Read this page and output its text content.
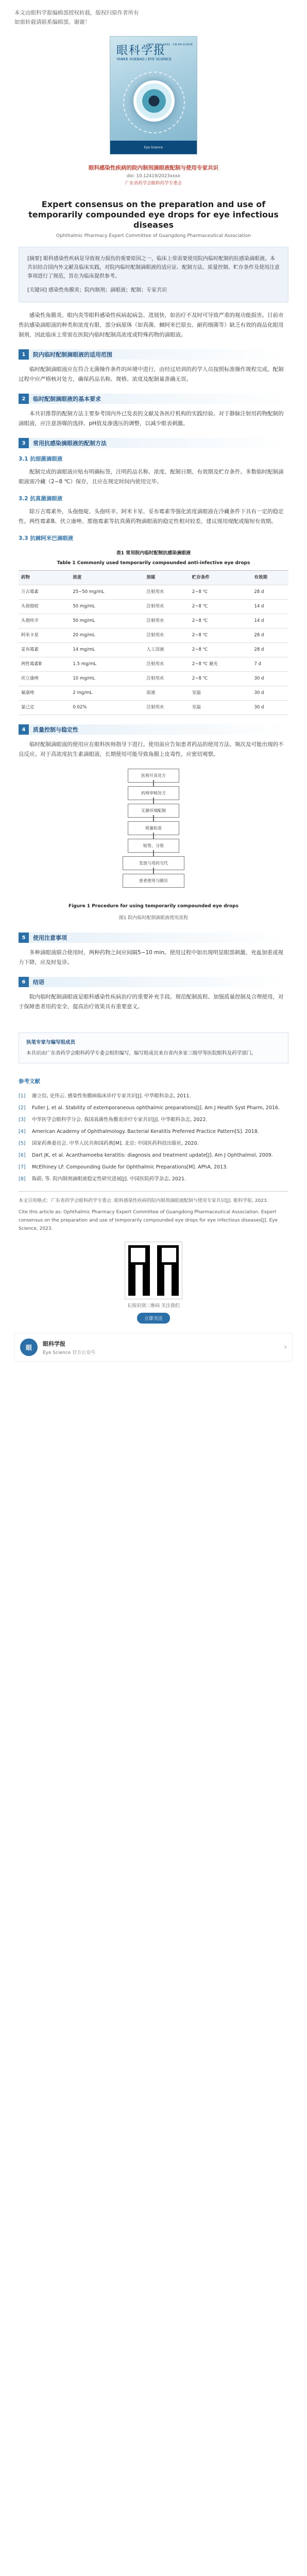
本文由眼科学报编辑部授权转载，版权归原作者所有

如需转载请联系编辑部，谢谢！

眼科学报
YANKE XUEBAO / EYE SCIENCE
ISSN 1000-4432 · CN 44-1131/R
Eye Science
眼科感染性疾病的院内制剂滴眼液配制与使用专家共识
doi: 10.12419/2023xxxx
广东省药学会眼科药学专委会
Expert consensus on the preparation and use of temporarily compounded eye drops for eye infectious diseases
Ophthalmic Pharmacy Expert Committee of Guangdong Pharmaceutical Association
[摘要] 眼科感染性疾病是导致视力损伤的重要原因之一，临床上常需要使用院内临时配制的抗感染滴眼液。本共识结合国内外文献及临床实践，对院内临时配制滴眼液的适应证、配制方法、质量控制、贮存条件及使用注意事项进行了规范，旨在为临床提供参考。
[关键词] 感染性角膜炎；院内制剂；滴眼液；配制；专家共识

感染性角膜炎、眼内炎等眼科感染性疾病起病急、进展快，如治疗不及时可导致严重的视功能损害。目前市售抗感染滴眼液的种类和浓度有限，部分病原体（如真菌、棘阿米巴原虫、耐药细菌等）缺乏有效的商品化眼用制剂，因此临床上常需在医院内临时配制高浓度或特殊药物的滴眼液。

1	院内临时配制滴眼液的适用范围

临时配制滴眼液应在符合无菌操作条件的环境中进行，由经过培训的药学人员按照标准操作规程完成。配制过程中应严格核对处方，确保药品名称、规格、浓度及配制量准确无误。

2	临时配制滴眼液的基本要求

本共识推荐的配制方法主要参考国内外已发表的文献及各医疗机构的实践经验。对于静脉注射用药物配制的滴眼液，应注意溶媒的选择、pH值及渗透压的调整，以减少眼表刺激。

3	常用抗感染滴眼液的配制方法
3.1 抗细菌滴眼液

配制完成的滴眼液应贴有明确标签，注明药品名称、浓度、配制日期、有效期及贮存条件。多数临时配制滴眼液需冷藏（2~8 ℃）保存，且应在规定时间内使用完毕。

3.2 抗真菌滴眼液

除万古霉素外，头孢他啶、头孢呋辛、阿米卡星、妥布霉素等强化浓度滴眼液在冷藏条件下具有一定的稳定性。两性霉素B、伏立康唑、那他霉素等抗真菌药物滴眼液的稳定性相对较差，建议现用现配或缩短有效期。

3.3 抗棘阿米巴滴眼液
表1 常用院内临时配制抗感染滴眼液
Table 1 Commonly used temporarily compounded anti-infective eye drops
药物	浓度	溶媒	贮存条件	有效期
万古霉素	25~50 mg/mL	注射用水	2~8 ℃	28 d
头孢他啶	50 mg/mL	注射用水	2~8 ℃	14 d
头孢呋辛	50 mg/mL	注射用水	2~8 ℃	14 d
阿米卡星	20 mg/mL	注射用水	2~8 ℃	28 d
妥布霉素	14 mg/mL	人工泪液	2~8 ℃	28 d
两性霉素B	1.5 mg/mL	注射用水	2~8 ℃ 避光	7 d
伏立康唑	10 mg/mL	注射用水	2~8 ℃	30 d
氟康唑	2 mg/mL	原液	室温	30 d
氯己定	0.02%	注射用水	室温	30 d
4	质量控制与稳定性

临时配制滴眼液的使用应在眼科医师指导下进行。使用前应告知患者药品的使用方法、频次及可能出现的不良反应。对于高浓度抗生素滴眼液，长期使用可能导致角膜上皮毒性，应密切观察。

医师开具处方
药师审核处方
无菌环境配制
质量检查
贴签、分装
发放与用药交代
患者使用与随访
Figure 1 Procedure for using temporarily compounded eye drops
图1 院内临时配制滴眼液使用流程
5	使用注意事项

多种滴眼液联合使用时，两种药物之间应间隔5~10 min。使用过程中如出现明显眼部刺激、充血加重或视力下降，应及时复诊。

6	结语

院内临时配制滴眼液是眼科感染性疾病治疗的重要补充手段。规范配制流程、加强质量控制及合理使用，对于保障患者用药安全、提高治疗效果具有重要意义。

执笔专家与编写组成员
本共识由广东省药学会眼科药学专委会组织编写，编写组成员来自省内多家三级甲等医院眼科及药学部门。
参考文献
[1]	谢立信, 史伟云. 感染性角膜病临床诊疗专家共识[J]. 中华眼科杂志, 2011.
[2]	Fuller J, et al. Stability of extemporaneous ophthalmic preparations[J]. Am J Health Syst Pharm, 2016.
[3]	中华医学会眼科学分会. 我国真菌性角膜炎诊疗专家共识[J]. 中华眼科杂志, 2022.
[4]	American Academy of Ophthalmology. Bacterial Keratitis Preferred Practice Pattern[S]. 2018.
[5]	国家药典委员会. 中华人民共和国药典[M]. 北京: 中国医药科技出版社, 2020.
[6]	Dart JK, et al. Acanthamoeba keratitis: diagnosis and treatment update[J]. Am J Ophthalmol, 2009.
[7]	McElhiney LF. Compounding Guide for Ophthalmic Preparations[M]. APhA, 2013.
[8]	陈蔚, 等. 院内制剂滴眼液稳定性研究进展[J]. 中国医院药学杂志, 2021.
本文引用格式：广东省药学会眼科药学专委会. 眼科感染性疾病的院内制剂滴眼液配制与使用专家共识[J]. 眼科学报, 2023.
Cite this article as: Ophthalmic Pharmacy Expert Committee of Guangdong Pharmaceutical Association. Expert consensus on the preparation and use of temporarily compounded eye drops for eye infectious diseases[J]. Eye Science, 2023.
长按识别二维码 关注我们
立即关注
眼
眼科学报
Eye Science 官方公众号
›
